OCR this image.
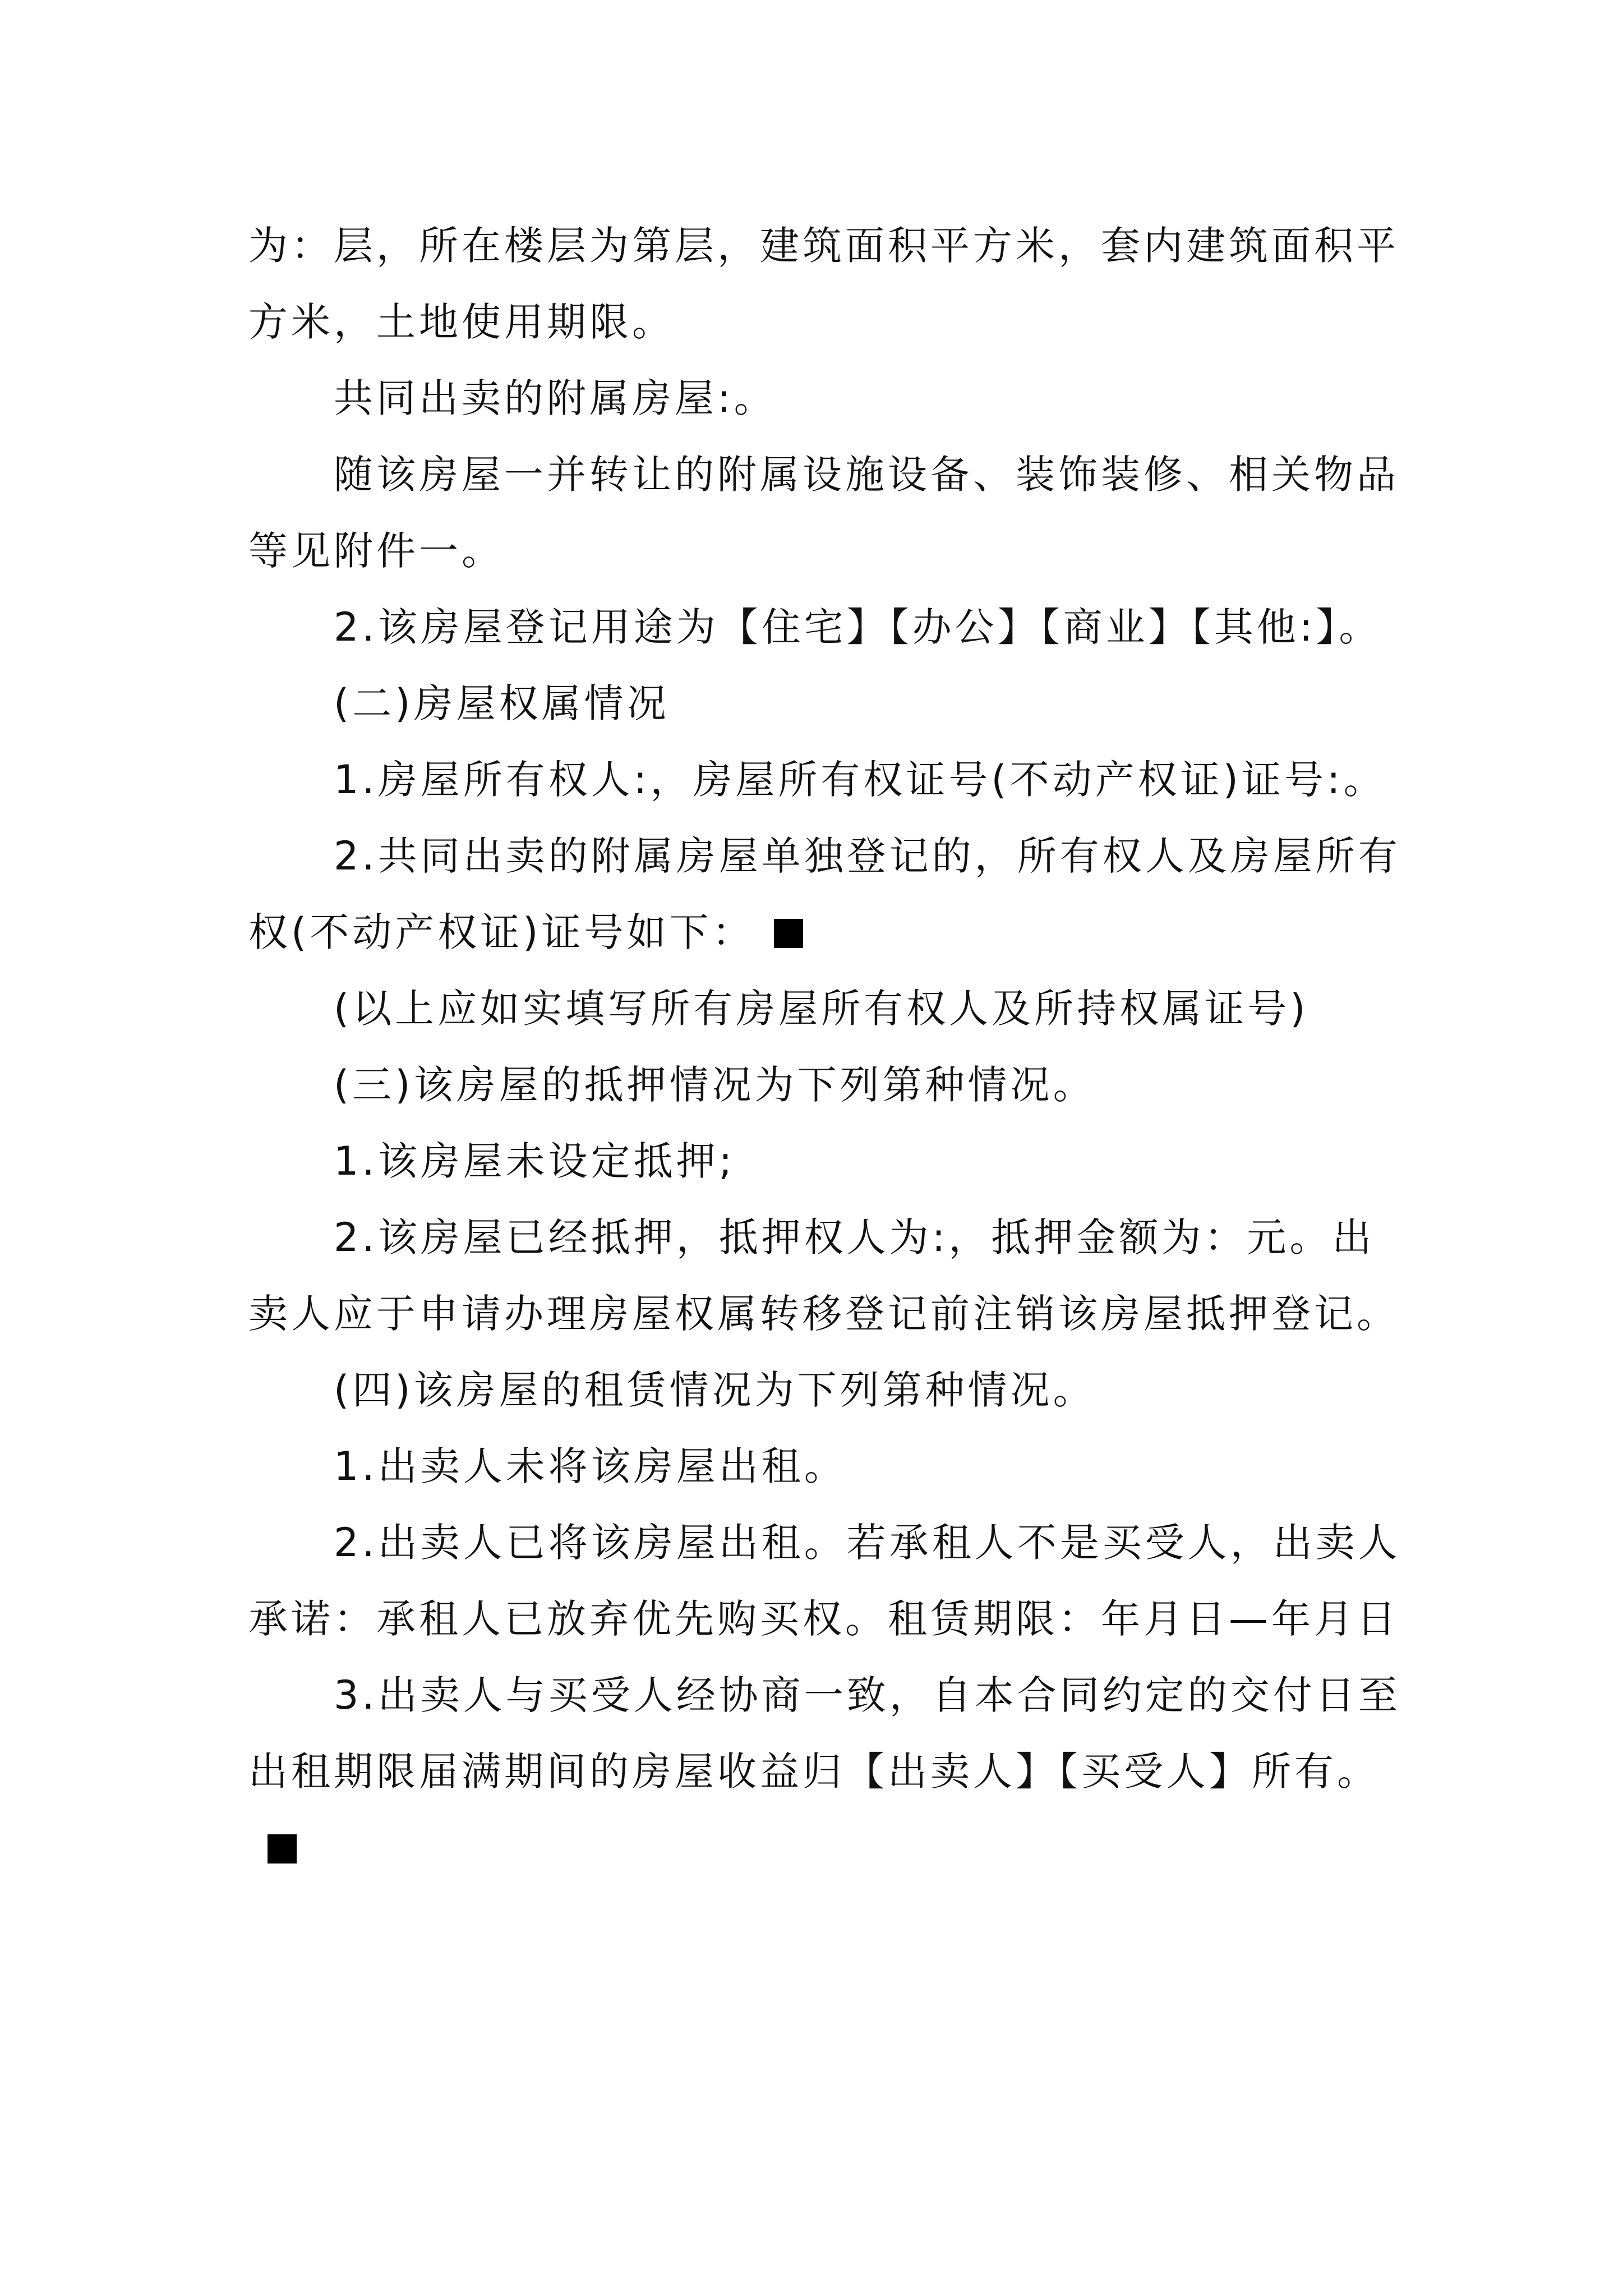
为：层，所在楼层为第层，建筑面积平方米，套内建筑面积平方米，土地使用期限。

共同出卖的附属房屋:。

随该房屋一并转让的附属设施设备、装饰装修、相关物品等见附件一。

2.该房屋登记用途为【住宅】【办公】【商业】【其他:】。

(二)房屋权属情况

1.房屋所有权人:，房屋所有权证号(不动产权证)证号:。

2.共同出卖的附属房屋单独登记的，所有权人及房屋所有权(不动产权证)证号如下：

(以上应如实填写所有房屋所有权人及所持权属证号)

(三)该房屋的抵押情况为下列第种情况。

1.该房屋未设定抵押;

2.该房屋已经抵押，抵押权人为:，抵押金额为：元。出卖人应于申请办理房屋权属转移登记前注销该房屋抵押登记。

(四)该房屋的租赁情况为下列第种情况。

1.出卖人未将该房屋出租。

2.出卖人已将该房屋出租。若承租人不是买受人，出卖人承诺：承租人已放弃优先购买权。租赁期限：年月日—年月日

3.出卖人与买受人经协商一致，自本合同约定的交付日至出租期限届满期间的房屋收益归【出卖人】【买受人】所有。
